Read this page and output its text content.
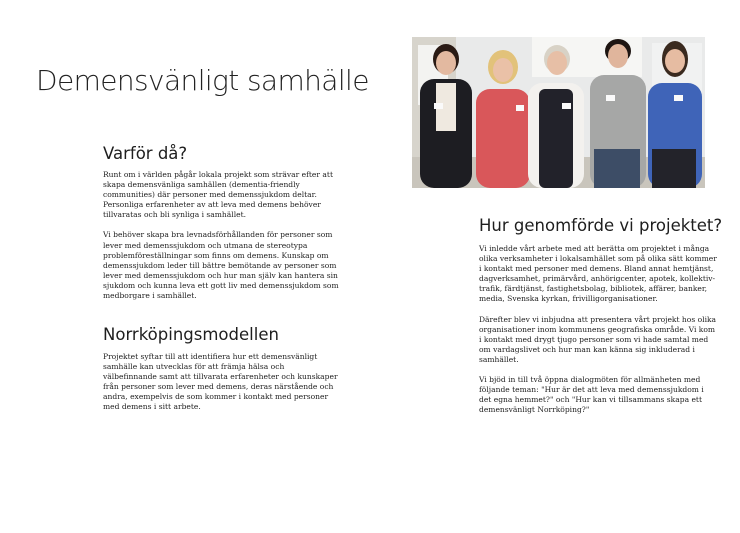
Demensvänligt samhälle
Varför då?

Runt om i världen pågår lokala projekt som strävar efter att skapa demensvänliga samhällen (dementia-friendly communities) där personer med demenssjukdom deltar. Personliga erfarenheter av att leva med demens behöver tillvaratas och bli synliga i samhället.

Vi behöver skapa bra levnadsförhållanden för personer som lever med demenssjukdom och utmana de stereotypa problemföreställningar som finns om demens. Kunskap om demenssjukdom leder till bättre bemötande av personer som lever med demenssjukdom och hur man själv kan hantera sin sjukdom och kunna leva ett gott liv med demenssjukdom som medborgare i samhället.

Norrköpingsmodellen

Projektet syftar till att identifiera hur ett demensvänligt samhälle kan utvecklas för att främja hälsa och välbefinnande samt att tillvarata erfarenheter och kunskaper från personer som lever med demens, deras närstående och andra, exempelvis de som kommer i kontakt med personer med demens i sitt arbete.

Hur genomförde vi projektet?

Vi inledde vårt arbete med att berätta om projektet i många olika verksamheter i lokalsamhället som på olika sätt kommer i kontakt med personer med demens. Bland annat hemtjänst, dagverksamhet, primärvård, anhörigcenter, apotek, kollektiv-trafik, färdtjänst, fastighetsbolag, bibliotek, affärer, banker, media, Svenska kyrkan, frivilligorganisationer.

Därefter blev vi inbjudna att presentera vårt projekt hos olika organisationer inom kommunens geografiska område. Vi kom i kontakt med drygt tjugo personer som vi hade samtal med om vardagslivet och hur man kan känna sig inkluderad i samhället.

Vi bjöd in till två öppna dialogmöten för allmänheten med följande teman: "Hur är det att leva med demenssjukdom i det egna hemmet?" och "Hur kan vi tillsammans skapa ett demensvänligt Norrköping?"
